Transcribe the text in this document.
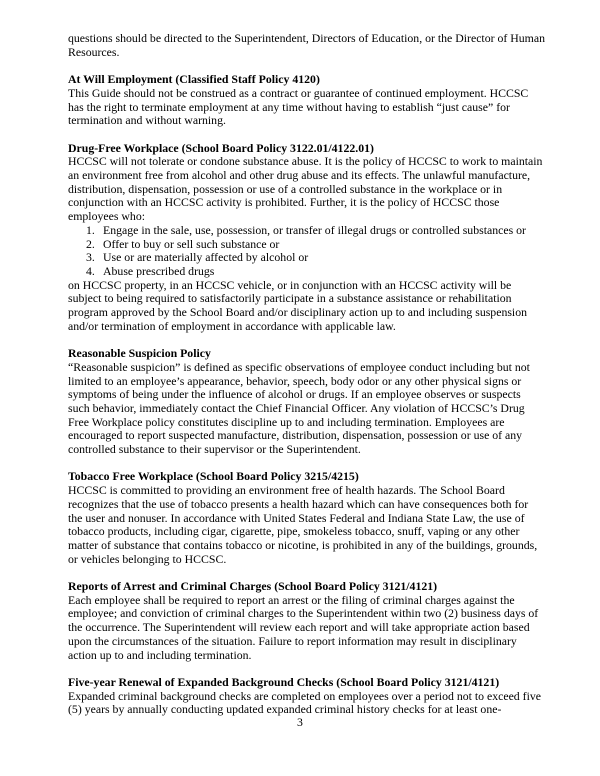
questions should be directed to the Superintendent, Directors of Education, or the Director of Human Resources.

At Will Employment (Classified Staff Policy 4120)

This Guide should not be construed as a contract or guarantee of continued employment. HCCSC has the right to terminate employment at any time without having to establish “just cause” for termination and without warning.

Drug-Free Workplace (School Board Policy 3122.01/4122.01)

HCCSC will not tolerate or condone substance abuse. It is the policy of HCCSC to work to maintain an environment free from alcohol and other drug abuse and its effects. The unlawful manufacture, distribution, dispensation, possession or use of a controlled substance in the workplace or in conjunction with an HCCSC activity is prohibited. Further, it is the policy of HCCSC those employees who:

1. Engage in the sale, use, possession, or transfer of illegal drugs or controlled substances or
2. Offer to buy or sell such substance or
3. Use or are materially affected by alcohol or
4. Abuse prescribed drugs

on HCCSC property, in an HCCSC vehicle, or in conjunction with an HCCSC activity will be subject to being required to satisfactorily participate in a substance assistance or rehabilitation program approved by the School Board and/or disciplinary action up to and including suspension and/or termination of employment in accordance with applicable law.

Reasonable Suspicion Policy

“Reasonable suspicion” is defined as specific observations of employee conduct including but not limited to an employee’s appearance, behavior, speech, body odor or any other physical signs or symptoms of being under the influence of alcohol or drugs. If an employee observes or suspects such behavior, immediately contact the Chief Financial Officer. Any violation of HCCSC’s Drug Free Workplace policy constitutes discipline up to and including termination. Employees are encouraged to report suspected manufacture, distribution, dispensation, possession or use of any controlled substance to their supervisor or the Superintendent.

Tobacco Free Workplace (School Board Policy 3215/4215)

HCCSC is committed to providing an environment free of health hazards. The School Board recognizes that the use of tobacco presents a health hazard which can have consequences both for the user and nonuser. In accordance with United States Federal and Indiana State Law, the use of tobacco products, including cigar, cigarette, pipe, smokeless tobacco, snuff, vaping or any other matter of substance that contains tobacco or nicotine, is prohibited in any of the buildings, grounds, or vehicles belonging to HCCSC.

Reports of Arrest and Criminal Charges (School Board Policy 3121/4121)

Each employee shall be required to report an arrest or the filing of criminal charges against the employee; and conviction of criminal charges to the Superintendent within two (2) business days of the occurrence. The Superintendent will review each report and will take appropriate action based upon the circumstances of the situation. Failure to report information may result in disciplinary action up to and including termination.

Five-year Renewal of Expanded Background Checks (School Board Policy 3121/4121)

Expanded criminal background checks are completed on employees over a period not to exceed five (5) years by annually conducting updated expanded criminal history checks for at least one-

3
